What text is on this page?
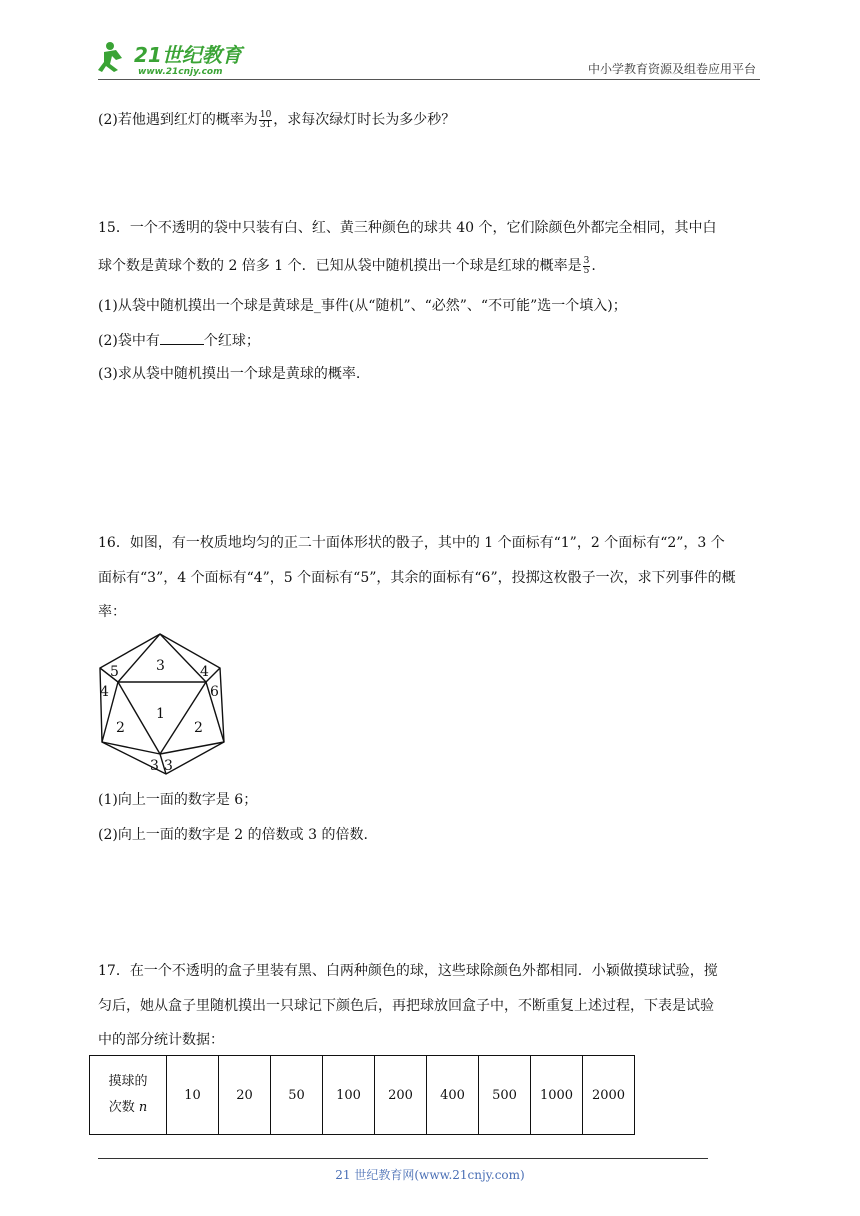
21世纪教育
www.21cnjy.com	中小学教育资源及组卷应用平台
(2)若他遇到红灯的概率为 $\frac{10}{31}$ ，求每次绿灯时长为多少秒？
15．一个不透明的袋中只装有白、红、黄三种颜色的球共 40 个，它们除颜色外都完全相同，其中白
球个数是黄球个数的 2 倍多 1 个．已知从袋中随机摸出一个球是红球的概率是 $\frac{3}{5}$ .
(1)从袋中随机摸出一个球是黄球是_事件(从“随机”、“必然”、“不可能”选一个填入)；
(2)袋中有	个红球；
(3)求从袋中随机摸出一个球是黄球的概率.
16．如图，有一枚质地均匀的正二十面体形状的骰子，其中的 1 个面标有“1”，2 个面标有“2”，3 个
面标有“3”，4 个面标有“4”，5 个面标有“5”，其余的面标有“6”，投掷这枚骰子一次，求下列事件的概
率：
3
5	4
4	6
1
2	2
3 3
(1)向上一面的数字是 6；
(2)向上一面的数字是 2 的倍数或 3 的倍数.
17．在一个不透明的盒子里装有黑、白两种颜色的球，这些球除颜色外都相同．小颖做摸球试验，搅
匀后，她从盒子里随机摸出一只球记下颜色后，再把球放回盒子中，不断重复上述过程，下表是试验
中的部分统计数据：
摸球的
次数 n	10	20	50	100	200	400	500	1000	2000
21 世纪教育网(www.21cnjy.com)
